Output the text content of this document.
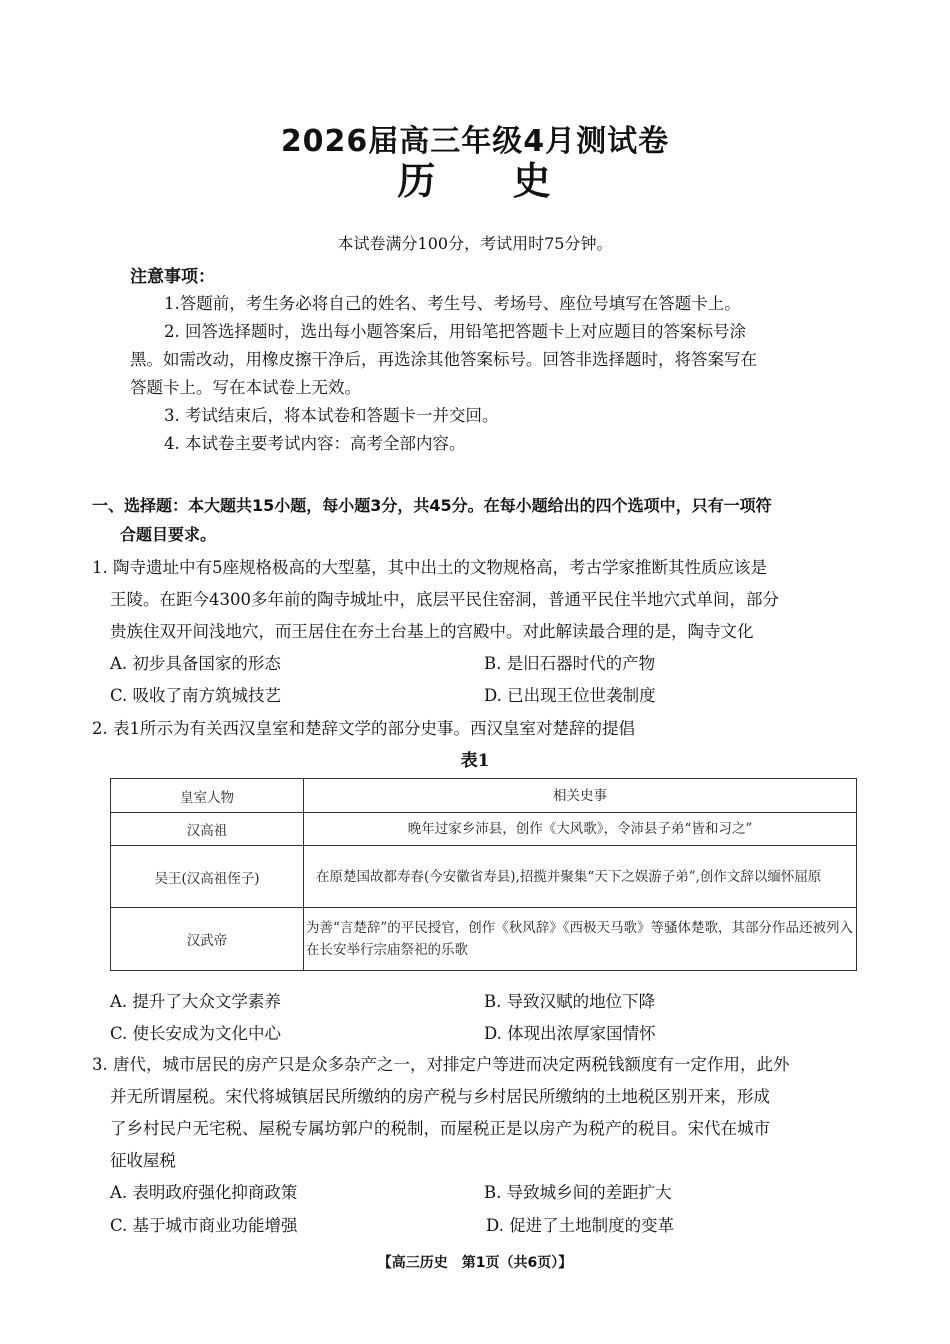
2026届高三年级4月测试卷
历 史
本试卷满分100分，考试用时75分钟。
注意事项：
1.答题前，考生务必将自己的姓名、考生号、考场号、座位号填写在答题卡上。
2. 回答选择题时，选出每小题答案后，用铅笔把答题卡上对应题目的答案标号涂
黑。如需改动，用橡皮擦干净后，再选涂其他答案标号。回答非选择题时，将答案写在
答题卡上。写在本试卷上无效。
3. 考试结束后，将本试卷和答题卡一并交回。
4. 本试卷主要考试内容：高考全部内容。
一、选择题：本大题共15小题，每小题3分，共45分。在每小题给出的四个选项中，只有一项符
合题目要求。
1. 陶寺遗址中有5座规格极高的大型墓，其中出土的文物规格高，考古学家推断其性质应该是
王陵。在距今4300多年前的陶寺城址中，底层平民住窑洞，普通平民住半地穴式单间，部分
贵族住双开间浅地穴，而王居住在夯土台基上的宫殿中。对此解读最合理的是，陶寺文化
A. 初步具备国家的形态	B. 是旧石器时代的产物
C. 吸收了南方筑城技艺	D. 已出现王位世袭制度
2. 表1所示为有关西汉皇室和楚辞文学的部分史事。西汉皇室对楚辞的提倡
表1
皇室人物	相关史事
汉高祖	晚年过家乡沛县，创作《大风歌》，令沛县子弟“皆和习之”
吴王(汉高祖侄子)	在原楚国故都寿春(今安徽省寿县),招揽并聚集“天下之娱游子弟”,创作文辞以缅怀屈原
汉武帝	为善“言楚辞”的平民授官，创作《秋风辞》《西极天马歌》等骚体楚歌，其部分作品还被列入在长安举行宗庙祭祀的乐歌
A. 提升了大众文学素养	B. 导致汉赋的地位下降
C. 使长安成为文化中心	D. 体现出浓厚家国情怀
3. 唐代，城市居民的房产只是众多杂产之一，对排定户等进而决定两税钱额度有一定作用，此外
并无所谓屋税。宋代将城镇居民所缴纳的房产税与乡村居民所缴纳的土地税区别开来，形成
了乡村民户无宅税、屋税专属坊郭户的税制，而屋税正是以房产为税产的税目。宋代在城市
征收屋税
A. 表明政府强化抑商政策	B. 导致城乡间的差距扩大
C. 基于城市商业功能增强	D. 促进了土地制度的变革
【高三历史　第1页（共6页）】
